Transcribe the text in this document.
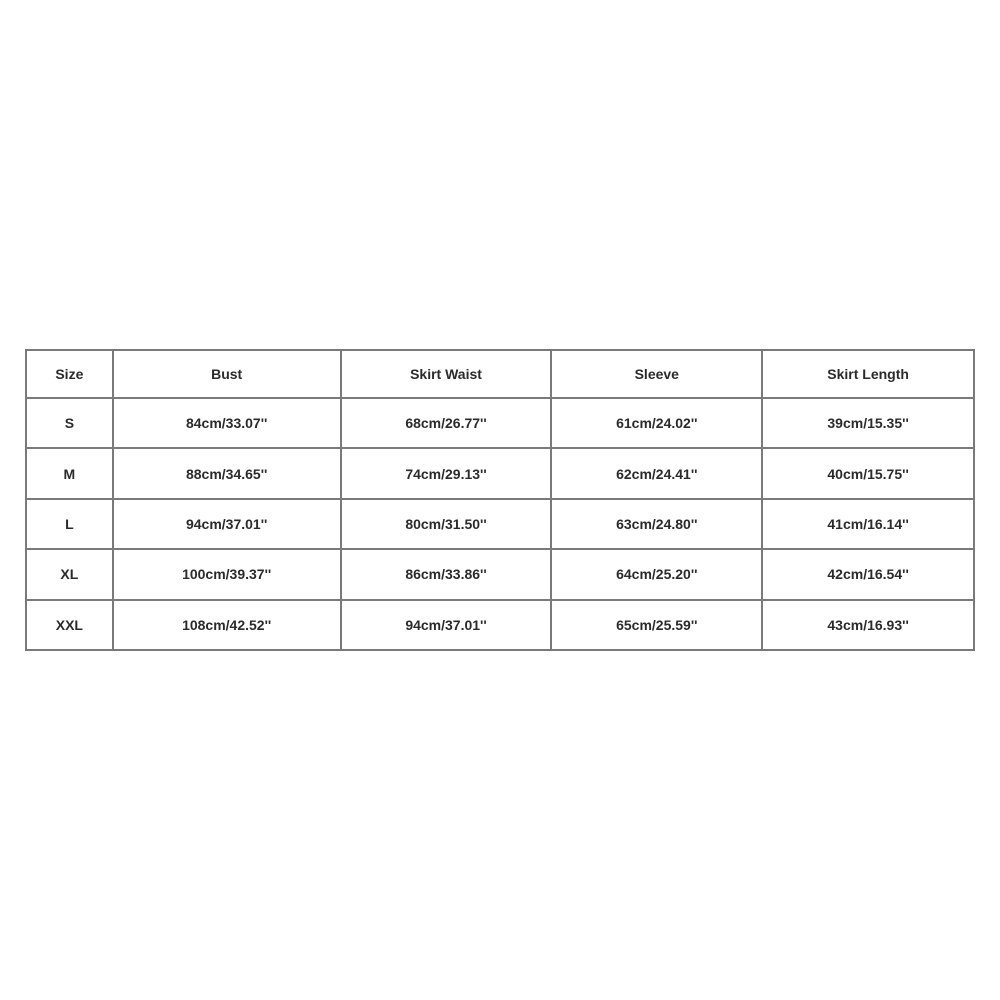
Size	Bust	Skirt Waist	Sleeve	Skirt Length
S	84cm/33.07''	68cm/26.77''	61cm/24.02''	39cm/15.35''
M	88cm/34.65''	74cm/29.13''	62cm/24.41''	40cm/15.75''
L	94cm/37.01''	80cm/31.50''	63cm/24.80''	41cm/16.14''
XL	100cm/39.37''	86cm/33.86''	64cm/25.20''	42cm/16.54''
XXL	108cm/42.52''	94cm/37.01''	65cm/25.59''	43cm/16.93''
